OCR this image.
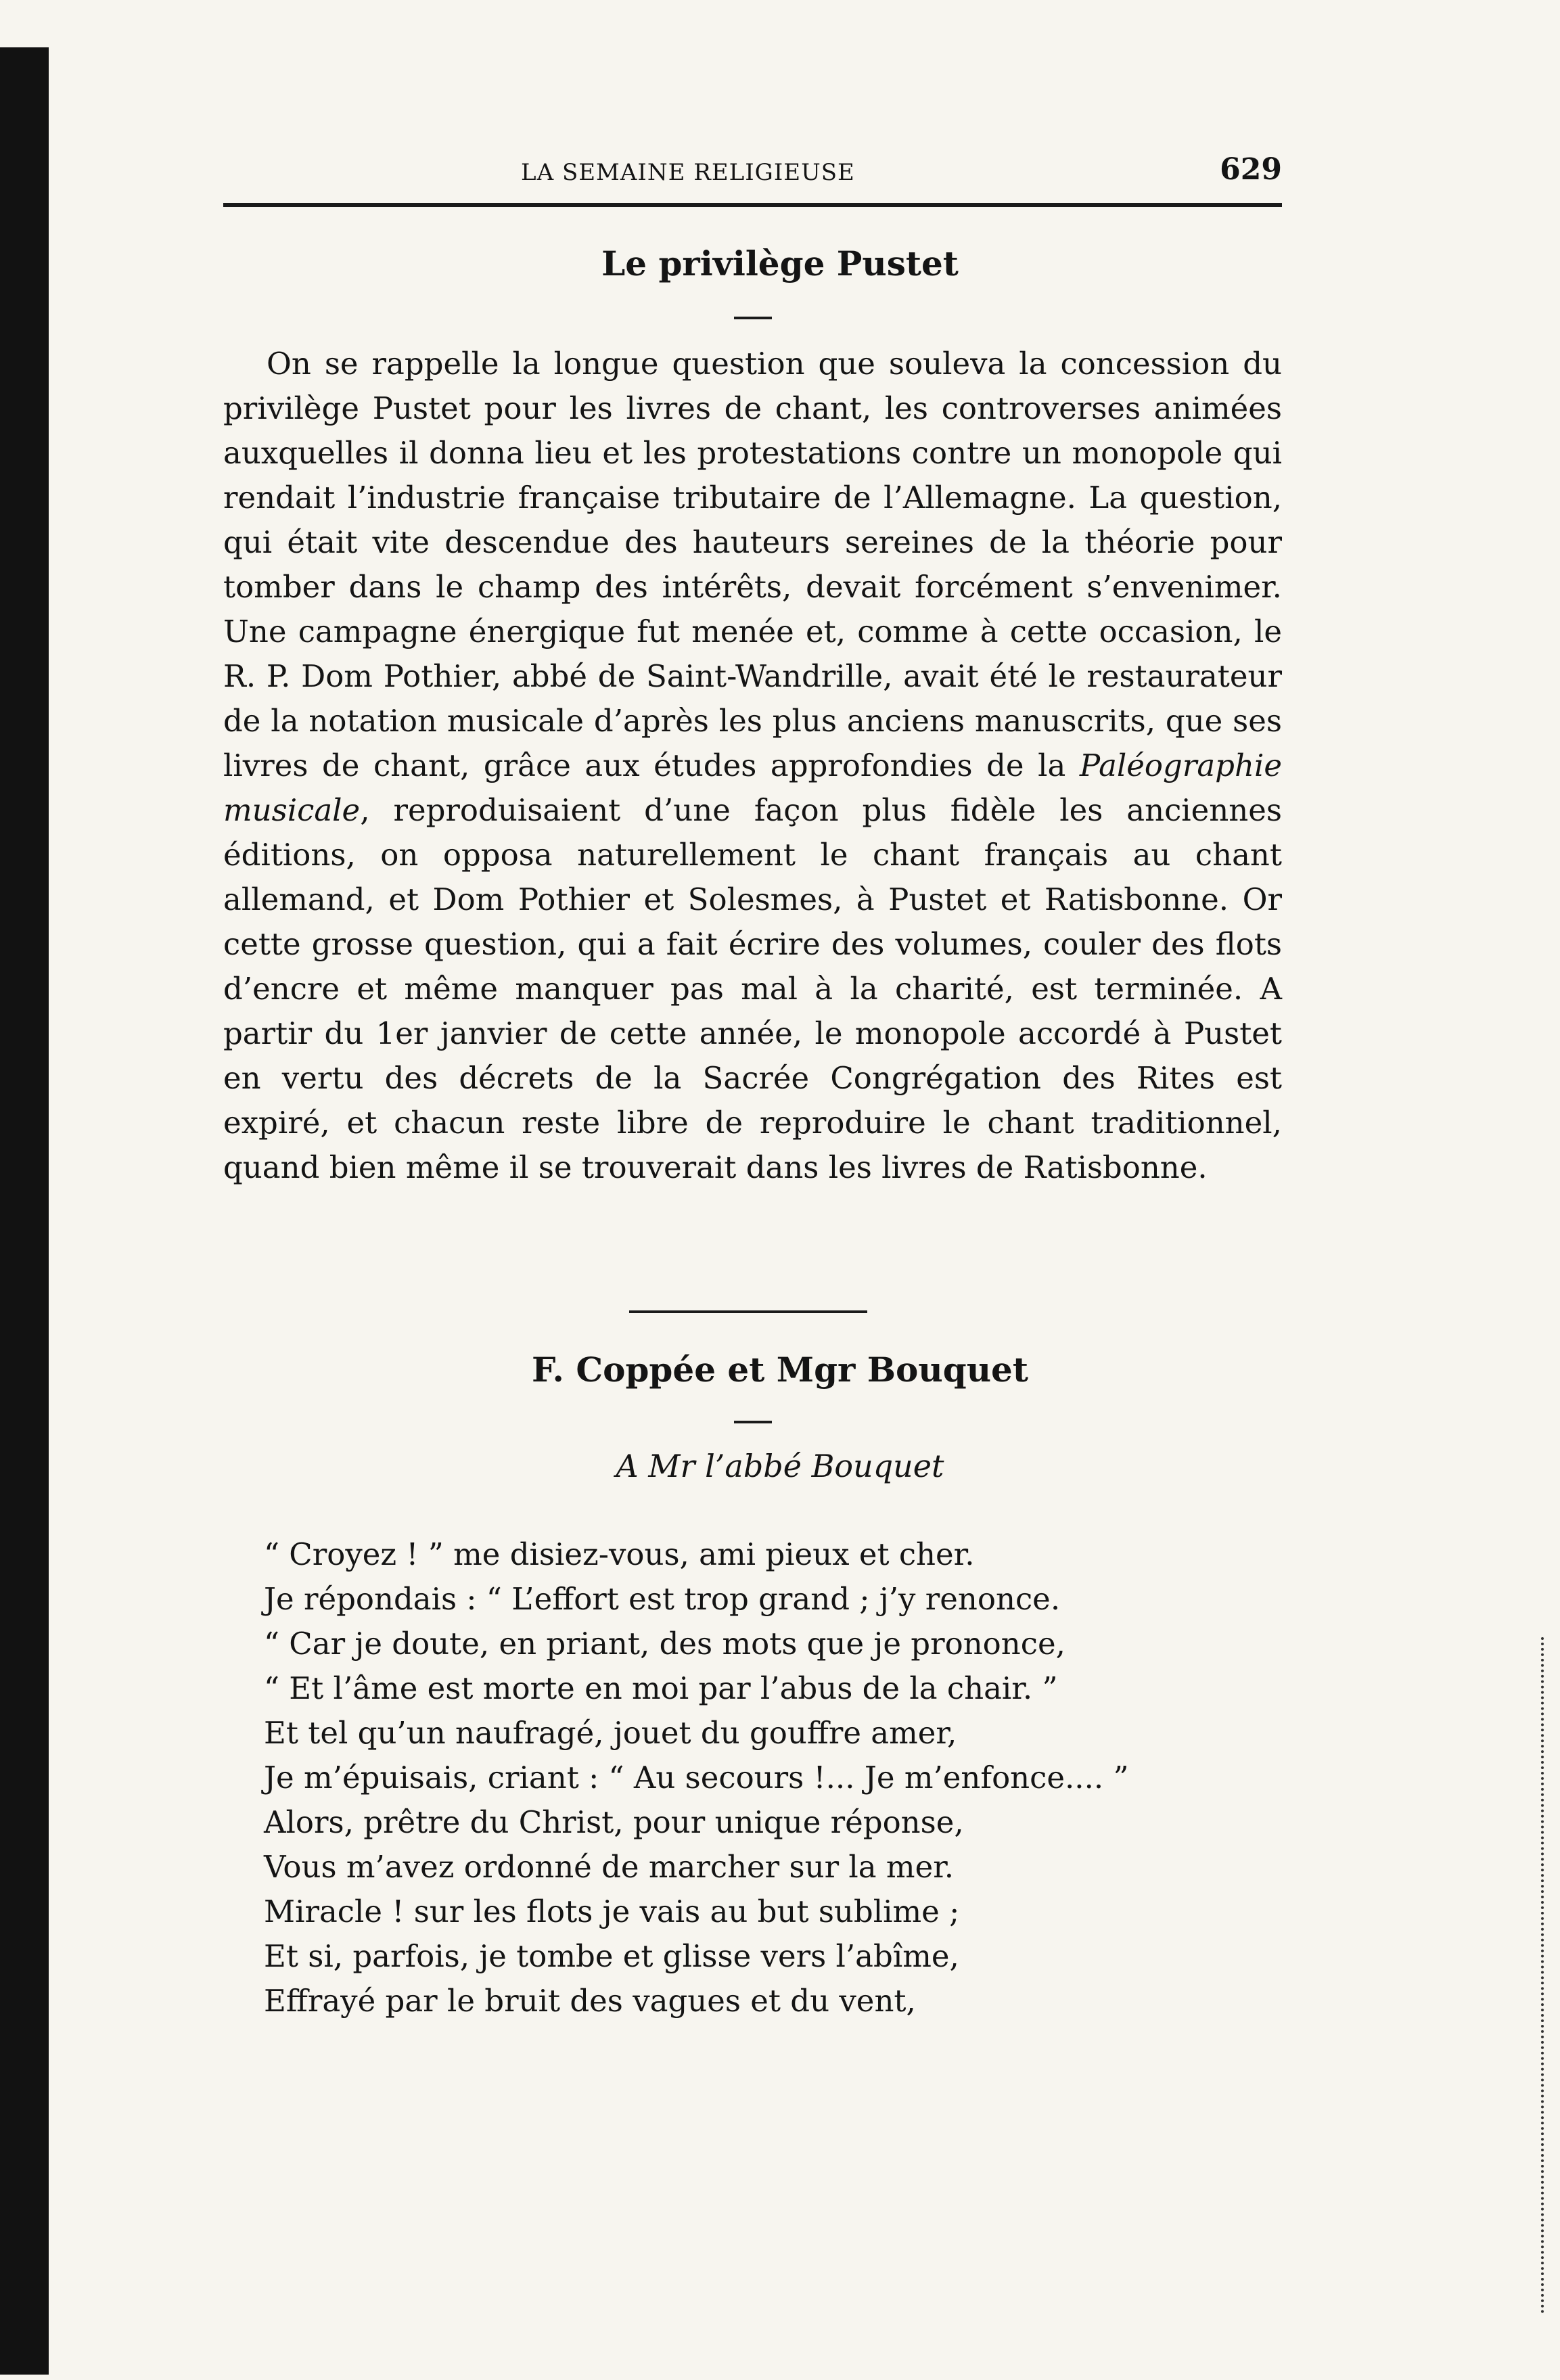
LA SEMAINE RELIGIEUSE	629
Le privilège Pustet

On se rappelle la longue question que souleva la concession du privilège Pustet pour les livres de chant, les controverses animées auxquelles il donna lieu et les protestations contre un monopole qui rendait l’industrie française tributaire de l’Allemagne. La question, qui était vite descendue des hauteurs sereines de la théorie pour tomber dans le champ des intérêts, devait forcément s’envenimer. Une campagne énergique fut menée et, comme à cette occasion, le R. P. Dom Pothier, abbé de Saint-Wandrille, avait été le restaurateur de la notation musicale d’après les plus anciens manuscrits, que ses livres de chant, grâce aux études approfondies de la Paléographie musicale, reproduisaient d’une façon plus fidèle les anciennes éditions, on opposa naturellement le chant français au chant allemand, et Dom Pothier et Solesmes, à Pustet et Ratisbonne. Or cette grosse question, qui a fait écrire des volumes, couler des flots d’encre et même manquer pas mal à la charité, est terminée. A partir du 1er janvier de cette année, le monopole accordé à Pustet en vertu des décrets de la Sacrée Congrégation des Rites est expiré, et chacun reste libre de reproduire le chant traditionnel, quand bien même il se trouverait dans les livres de Ratisbonne.

F. Coppée et Mgr Bouquet
A Mr l’abbé Bouquet
“ Croyez ! ” me disiez-vous, ami pieux et cher.
Je répondais : “ L’effort est trop grand ; j’y renonce.
“ Car je doute, en priant, des mots que je prononce,
“ Et l’âme est morte en moi par l’abus de la chair. ”
Et tel qu’un naufragé, jouet du gouffre amer,
Je m’épuisais, criant : “ Au secours !... Je m’enfonce.... ”
Alors, prêtre du Christ, pour unique réponse,
Vous m’avez ordonné de marcher sur la mer.
Miracle ! sur les flots je vais au but sublime ;
Et si, parfois, je tombe et glisse vers l’abîme,
Effrayé par le bruit des vagues et du vent,
